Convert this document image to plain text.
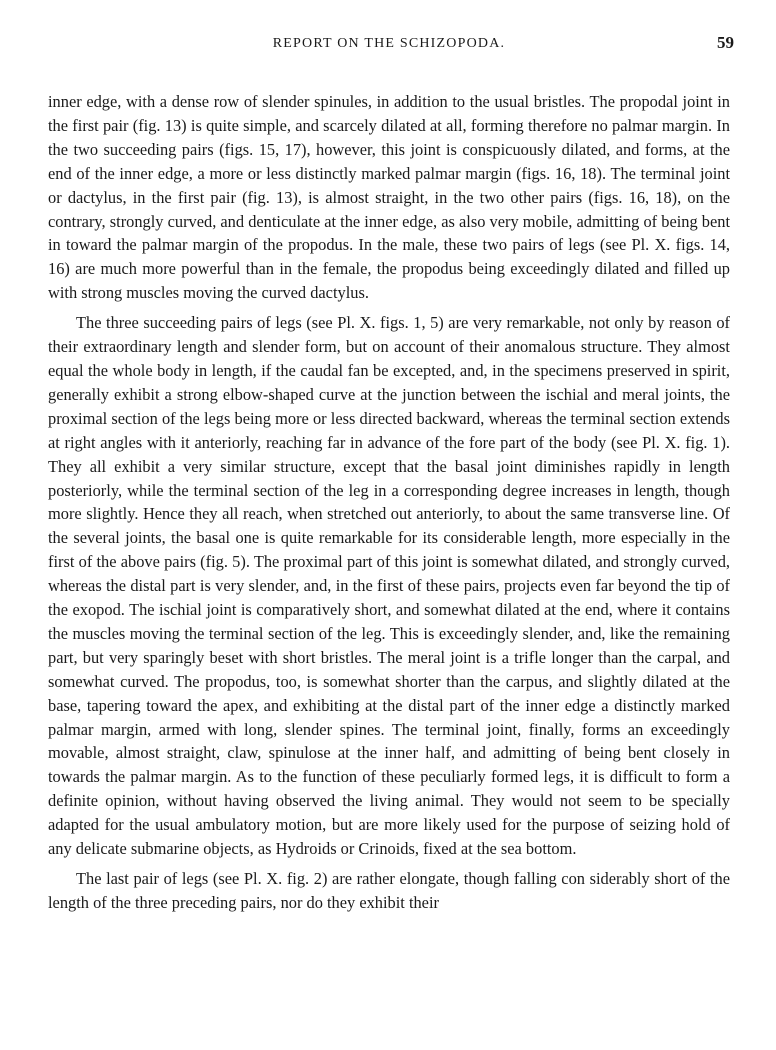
REPORT ON THE SCHIZOPODA.	59

inner edge, with a dense row of slender spinules, in addition to the usual bristles. The propodal joint in the first pair (fig. 13) is quite simple, and scarcely dilated at all, forming therefore no palmar margin. In the two succeeding pairs (figs. 15, 17), however, this joint is conspicuously dilated, and forms, at the end of the inner edge, a more or less distinctly marked palmar margin (figs. 16, 18). The terminal joint or dactylus, in the first pair (fig. 13), is almost straight, in the two other pairs (figs. 16, 18), on the contrary, strongly curved, and denticulate at the inner edge, as also very mobile, admitting of being bent in toward the palmar margin of the propodus. In the male, these two pairs of legs (see Pl. X. figs. 14, 16) are much more powerful than in the female, the propodus being exceedingly dilated and filled up with strong muscles moving the curved dactylus.

The three succeeding pairs of legs (see Pl. X. figs. 1, 5) are very remarkable, not only by reason of their extraordinary length and slender form, but on account of their anomalous structure. They almost equal the whole body in length, if the caudal fan be excepted, and, in the specimens preserved in spirit, generally exhibit a strong elbow-shaped curve at the junction between the ischial and meral joints, the proximal section of the legs being more or less directed backward, whereas the terminal section extends at right angles with it anteriorly, reaching far in advance of the fore part of the body (see Pl. X. fig. 1). They all exhibit a very similar structure, except that the basal joint diminishes rapidly in length posteriorly, while the terminal section of the leg in a corresponding degree increases in length, though more slightly. Hence they all reach, when stretched out anteriorly, to about the same transverse line. Of the several joints, the basal one is quite remarkable for its considerable length, more especially in the first of the above pairs (fig. 5). The proximal part of this joint is somewhat dilated, and strongly curved, whereas the distal part is very slender, and, in the first of these pairs, projects even far beyond the tip of the exopod. The ischial joint is comparatively short, and somewhat dilated at the end, where it contains the muscles moving the terminal section of the leg. This is exceedingly slender, and, like the remaining part, but very sparingly beset with short bristles. The meral joint is a trifle longer than the carpal, and somewhat curved. The propodus, too, is somewhat shorter than the carpus, and slightly dilated at the base, tapering toward the apex, and exhibiting at the distal part of the inner edge a distinctly marked palmar margin, armed with long, slender spines. The terminal joint, finally, forms an exceedingly movable, almost straight, claw, spinulose at the inner half, and admitting of being bent closely in towards the palmar margin. As to the function of these peculiarly formed legs, it is difficult to form a definite opinion, without having observed the living animal. They would not seem to be specially adapted for the usual ambulatory motion, but are more likely used for the purpose of seizing hold of any delicate submarine objects, as Hydroids or Crinoids, fixed at the sea bottom.

The last pair of legs (see Pl. X. fig. 2) are rather elongate, though falling con siderably short of the length of the three preceding pairs, nor do they exhibit their
